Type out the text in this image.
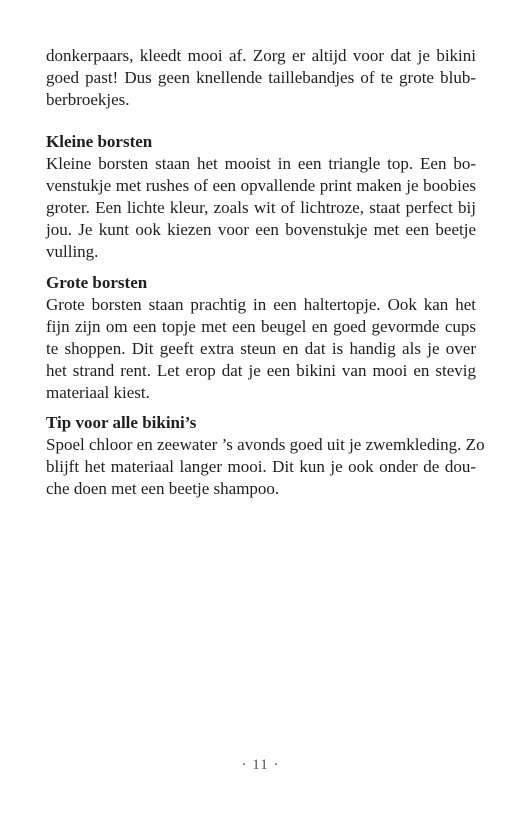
donkerpaars, kleedt mooi af. Zorg er altijd voor dat je bikini
goed past! Dus geen knellende taillebandjes of te grote blub-
berbroekjes.
Kleine borsten
Kleine borsten staan het mooist in een triangle top. Een bo-
venstukje met rushes of een opvallende print maken je boobies
groter. Een lichte kleur, zoals wit of lichtroze, staat perfect bij
jou. Je kunt ook kiezen voor een bovenstukje met een beetje
vulling.
Grote borsten
Grote borsten staan prachtig in een haltertopje. Ook kan het
fijn zijn om een topje met een beugel en goed gevormde cups
te shoppen. Dit geeft extra steun en dat is handig als je over
het strand rent. Let erop dat je een bikini van mooi en stevig
materiaal kiest.
Tip voor alle bikini’s
Spoel chloor en zeewater ’s avonds goed uit je zwemkleding. Zo
blijft het materiaal langer mooi. Dit kun je ook onder de dou-
che doen met een beetje shampoo.
· 11 ·
